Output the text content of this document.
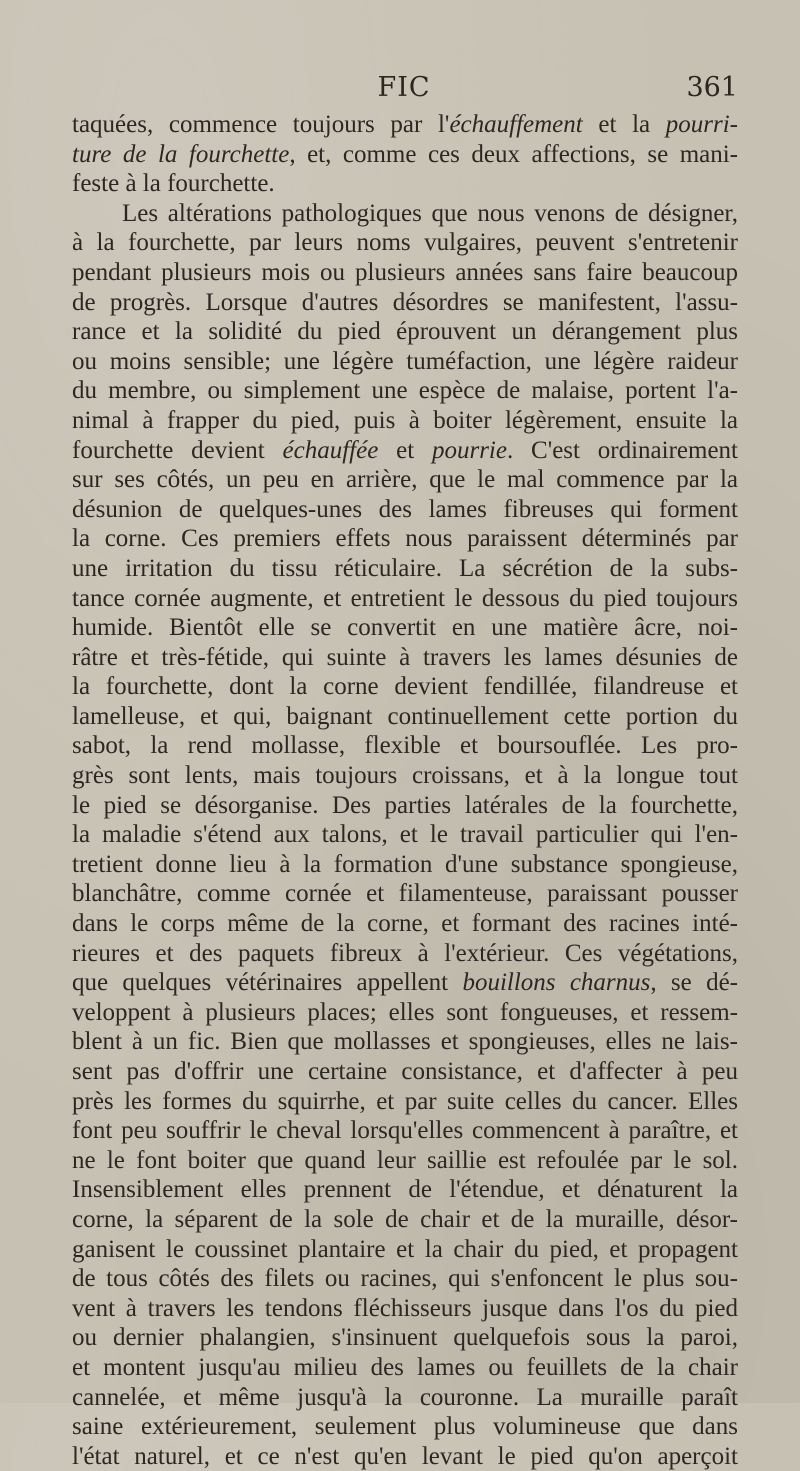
FIC	361
taquées, commence toujours par l'échauffement et la pourri-
ture de la fourchette, et, comme ces deux affections, se mani-
feste à la fourchette.
Les altérations pathologiques que nous venons de désigner,
à la fourchette, par leurs noms vulgaires, peuvent s'entretenir
pendant plusieurs mois ou plusieurs années sans faire beaucoup
de progrès. Lorsque d'autres désordres se manifestent, l'assu-
rance et la solidité du pied éprouvent un dérangement plus
ou moins sensible; une légère tuméfaction, une légère raideur
du membre, ou simplement une espèce de malaise, portent l'a-
nimal à frapper du pied, puis à boiter légèrement, ensuite la
fourchette devient échauffée et pourrie. C'est ordinairement
sur ses côtés, un peu en arrière, que le mal commence par la
désunion de quelques-unes des lames fibreuses qui forment
la corne. Ces premiers effets nous paraissent déterminés par
une irritation du tissu réticulaire. La sécrétion de la subs-
tance cornée augmente, et entretient le dessous du pied toujours
humide. Bientôt elle se convertit en une matière âcre, noi-
râtre et très-fétide, qui suinte à travers les lames désunies de
la fourchette, dont la corne devient fendillée, filandreuse et
lamelleuse, et qui, baignant continuellement cette portion du
sabot, la rend mollasse, flexible et boursouflée. Les pro-
grès sont lents, mais toujours croissans, et à la longue tout
le pied se désorganise. Des parties latérales de la fourchette,
la maladie s'étend aux talons, et le travail particulier qui l'en-
tretient donne lieu à la formation d'une substance spongieuse,
blanchâtre, comme cornée et filamenteuse, paraissant pousser
dans le corps même de la corne, et formant des racines inté-
rieures et des paquets fibreux à l'extérieur. Ces végétations,
que quelques vétérinaires appellent bouillons charnus, se dé-
veloppent à plusieurs places; elles sont fongueuses, et ressem-
blent à un fic. Bien que mollasses et spongieuses, elles ne lais-
sent pas d'offrir une certaine consistance, et d'affecter à peu
près les formes du squirrhe, et par suite celles du cancer. Elles
font peu souffrir le cheval lorsqu'elles commencent à paraître, et
ne le font boiter que quand leur saillie est refoulée par le sol.
Insensiblement elles prennent de l'étendue, et dénaturent la
corne, la séparent de la sole de chair et de la muraille, désor-
ganisent le coussinet plantaire et la chair du pied, et propagent
de tous côtés des filets ou racines, qui s'enfoncent le plus sou-
vent à travers les tendons fléchisseurs jusque dans l'os du pied
ou dernier phalangien, s'insinuent quelquefois sous la paroi,
et montent jusqu'au milieu des lames ou feuillets de la chair
cannelée, et même jusqu'à la couronne. La muraille paraît
saine extérieurement, seulement plus volumineuse que dans
l'état naturel, et ce n'est qu'en levant le pied qu'on aperçoit
